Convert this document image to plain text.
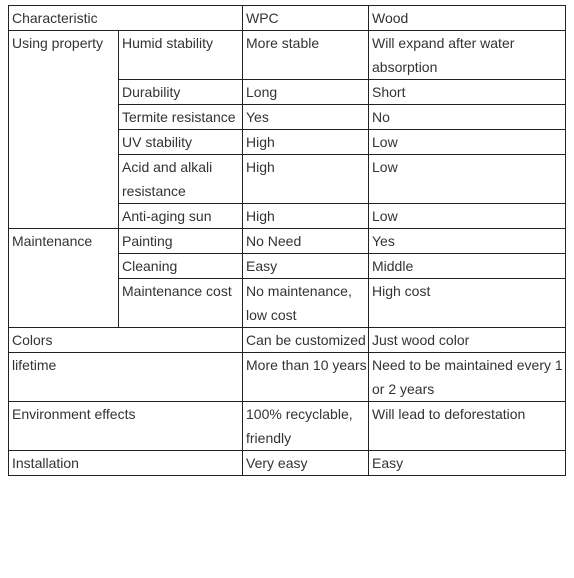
Characteristic		WPC	Wood
Using property	Humid stability	More stable	Will expand after water absorption
	Durability	Long	Short
	Termite resistance	Yes	No
	UV stability	High	Low
	Acid and alkali resistance	High	Low
	Anti-aging sun	High	Low
Maintenance	Painting	No Need	Yes
	Cleaning	Easy	Middle
	Maintenance cost	No maintenance, low cost	High cost
Colors		Can be customized	Just wood color
lifetime		More than 10 years	Need to be maintained every 1 or 2 years
Environment effects		100% recyclable, friendly	Will lead to deforestation
Installation		Very easy	Easy
